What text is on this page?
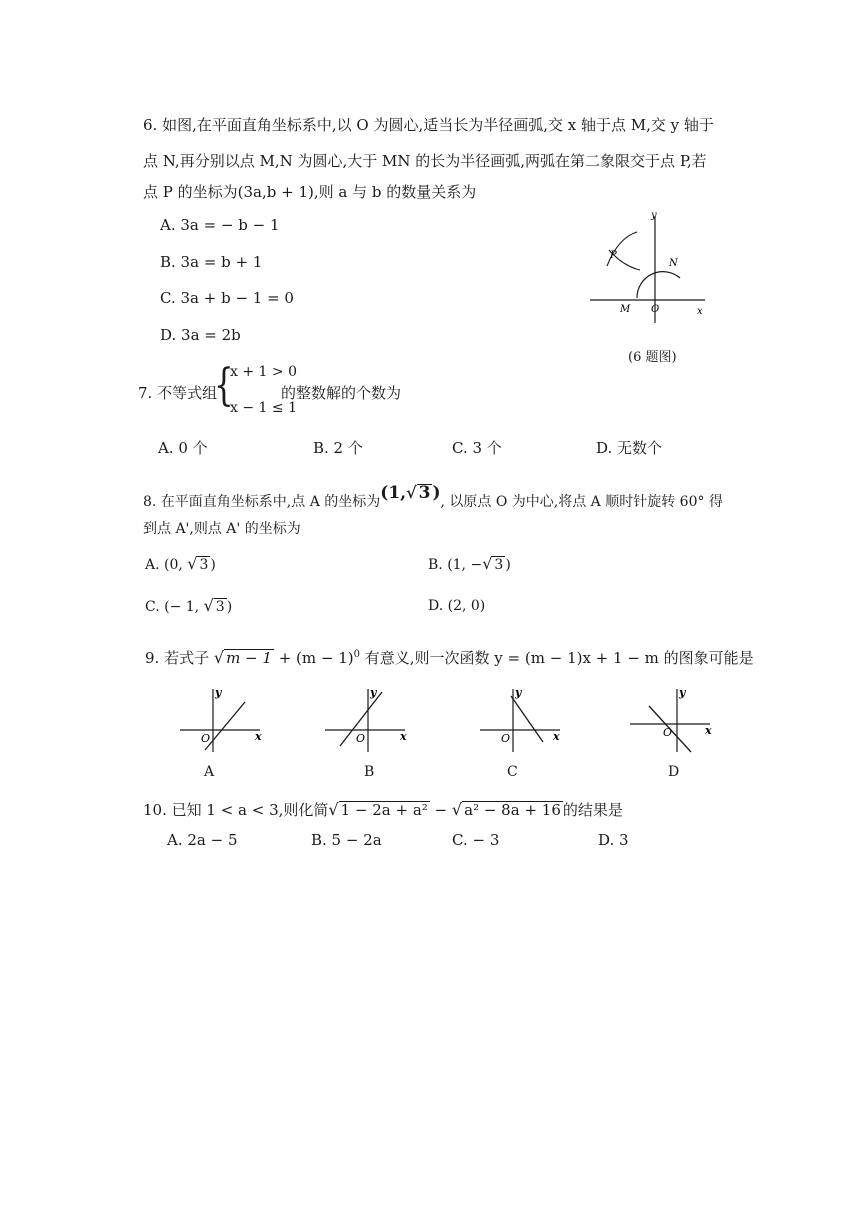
6. 如图,在平面直角坐标系中,以 O 为圆心,适当长为半径画弧,交 x 轴于点 M,交 y 轴于
点 N,再分别以点 M,N 为圆心,大于 MN 的长为半径画弧,两弧在第二象限交于点 P,若
点 P 的坐标为(3a,b + 1),则 a 与 b 的数量关系为
A. 3a = − b − 1
B. 3a = b + 1
C. 3a + b − 1 = 0
D. 3a = 2b
y
x
P
N
M O
(6 题图)
7. 不等式组
{
x + 1 > 0
x − 1 ≤ 1
的整数解的个数为
A. 0 个	B. 2 个	C. 3 个	D. 无数个
8. 在平面直角坐标系中,点 A 的坐标为(1,√ 3 ), 以原点 O 为中心,将点 A 顺时针旋转 60° 得
到点 A',则点 A' 的坐标为
A. (0, √ 3 )	B. (1, −√ 3 )
C. (− 1, √ 3 )	D. (2, 0)
9. 若式子 √ $m - 1 + (m - 1)^0$ 有意义,则一次函数 y = (m − 1)x + 1 − m 的图象可能是
y
x
O
A
y
x
O
B
y
x
O
C
y
x
O
D
10. 已知 1 < a < 3,则化简√ 1 − 2a + a² − √ a² − 8a + 16 的结果是
A. 2a − 5	B. 5 − 2a	C. − 3	D. 3
